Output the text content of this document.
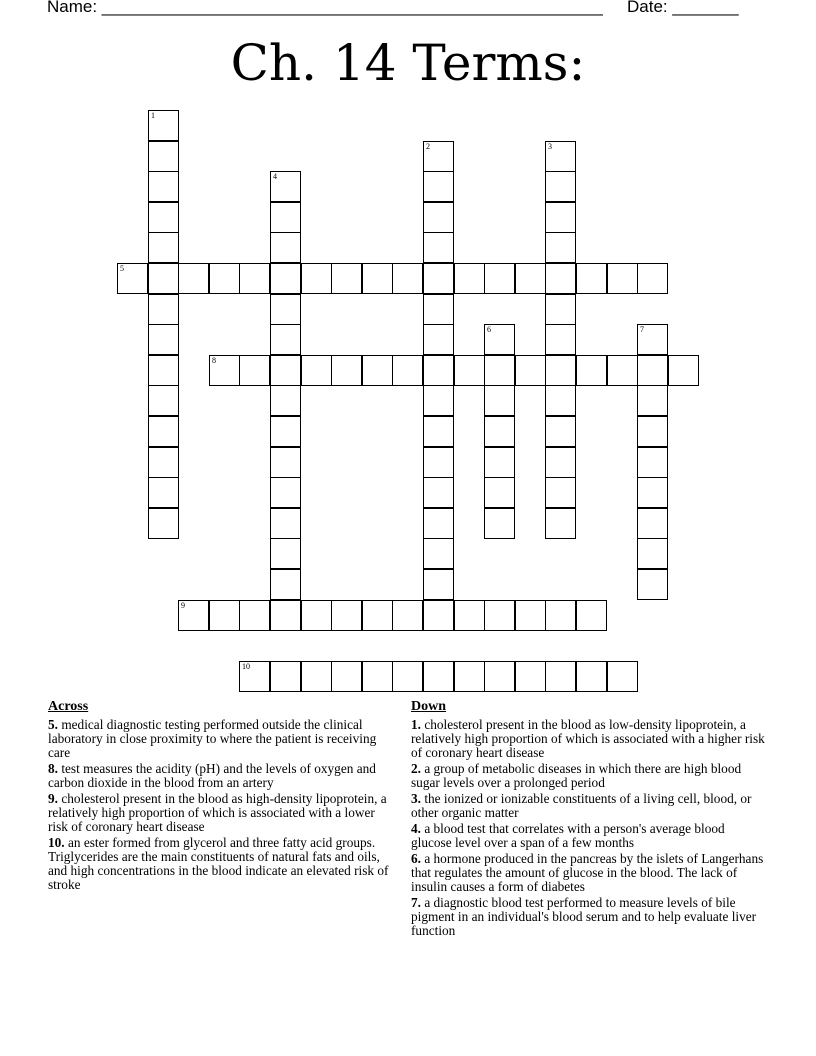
Name: _____________________________________________________ Date: _______
Ch. 14 Terms:
5
8
9
10
1
2	3
4
6	7
Across
5. medical diagnostic testing performed outside the clinical laboratory in close proximity to where the patient is receiving care
8. test measures the acidity (pH) and the levels of oxygen and carbon dioxide in the blood from an artery
9. cholesterol present in the blood as high-density lipoprotein, a relatively high proportion of which is associated with a lower risk of coronary heart disease
10. an ester formed from glycerol and three fatty acid groups. Triglycerides are the main constituents of natural fats and oils, and high concentrations in the blood indicate an elevated risk of stroke
Down
1. cholesterol present in the blood as low-density lipoprotein, a relatively high proportion of which is associated with a higher risk of coronary heart disease
2. a group of metabolic diseases in which there are high blood sugar levels over a prolonged period
3. the ionized or ionizable constituents of a living cell, blood, or other organic matter
4. a blood test that correlates with a person's average blood glucose level over a span of a few months
6. a hormone produced in the pancreas by the islets of Langerhans that regulates the amount of glucose in the blood. The lack of insulin causes a form of diabetes
7. a diagnostic blood test performed to measure levels of bile pigment in an individual's blood serum and to help evaluate liver function
